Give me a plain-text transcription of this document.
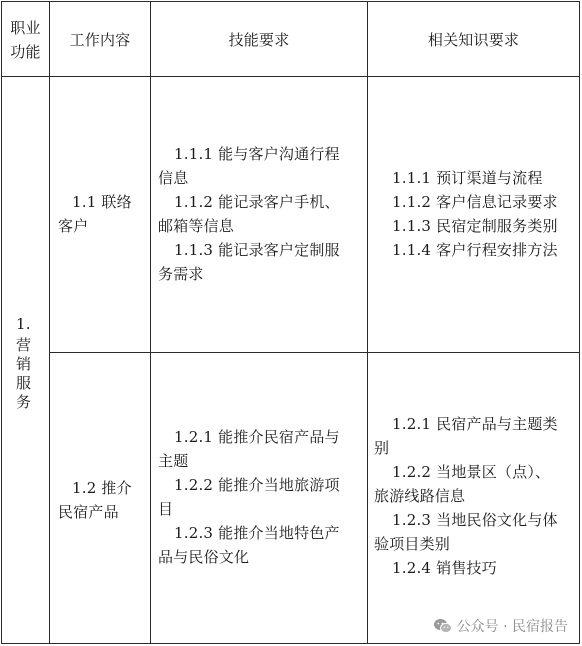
职业
功能
工作内容	技能要求	相关知识要求
1.
营
销
服
务
1.1 联络
客户
1.1.1 能与客户沟通行程
信息
1.1.2 能记录客户手机、
邮箱等信息
1.1.3 能记录客户定制服
务需求
1.1.1 预订渠道与流程
1.1.2 客户信息记录要求
1.1.3 民宿定制服务类别
1.1.4 客户行程安排方法
1.2 推介
民宿产品
1.2.1 能推介民宿产品与
主题
1.2.2 能推介当地旅游项
目
1.2.3 能推介当地特色产
品与民俗文化
1.2.1 民宿产品与主题类
别
1.2.2 当地景区（点）、
旅游线路信息
1.2.3 当地民俗文化与体
验项目类别
1.2.4 销售技巧
公众号 · 民宿报告
